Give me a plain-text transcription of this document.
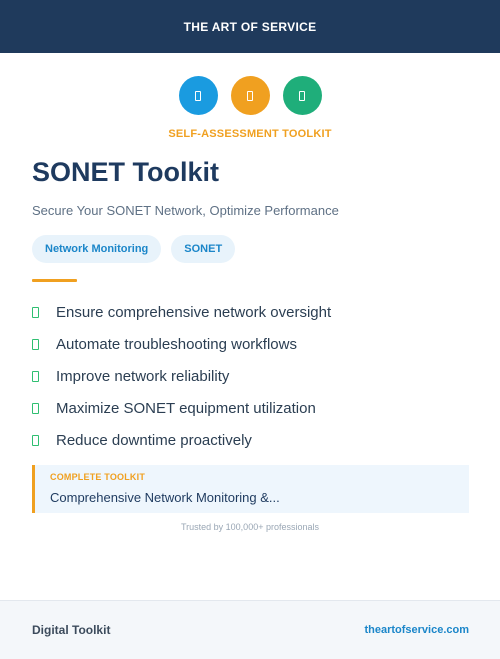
THE ART OF SERVICE
SELF-ASSESSMENT TOOLKIT
SONET Toolkit
Secure Your SONET Network, Optimize Performance
Network Monitoring	SONET
Ensure comprehensive network oversight
Automate troubleshooting workflows
Improve network reliability
Maximize SONET equipment utilization
Reduce downtime proactively
COMPLETE TOOLKIT
Comprehensive Network Monitoring &...
Trusted by 100,000+ professionals
Digital Toolkit	theartofservice.com
